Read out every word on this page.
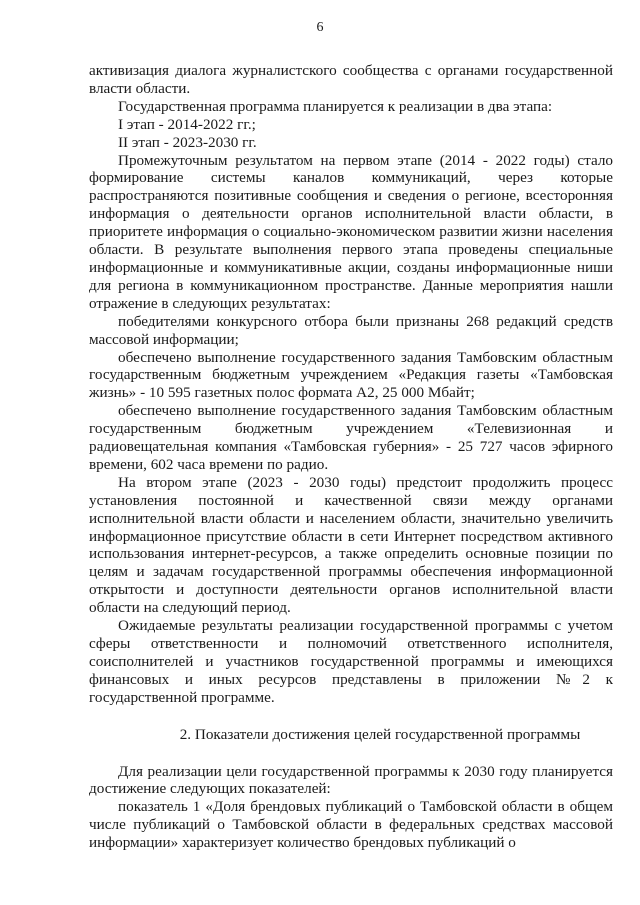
6

активизация диалога журналистского сообщества с органами государственной власти области.

Государственная программа планируется к реализации в два этапа:

I этап - 2014-2022 гг.;

II этап - 2023-2030 гг.

Промежуточным результатом на первом этапе (2014 - 2022 годы) стало формирование системы каналов коммуникаций, через которые распространяются позитивные сообщения и сведения о регионе, всесторонняя информация о деятельности органов исполнительной власти области, в приоритете информация о социально-экономическом развитии жизни населения области. В результате выполнения первого этапа проведены специальные информационные и коммуникативные акции, созданы информационные ниши для региона в коммуникационном пространстве. Данные мероприятия нашли отражение в следующих результатах:

победителями конкурсного отбора были признаны 268 редакций средств массовой информации;

обеспечено выполнение государственного задания Тамбовским областным государственным бюджетным учреждением «Редакция газеты «Тамбовская жизнь» - 10 595 газетных полос формата А2, 25 000 Мбайт;

обеспечено выполнение государственного задания Тамбовским областным государственным бюджетным учреждением «Телевизионная и радиовещательная компания «Тамбовская губерния» - 25 727 часов эфирного времени, 602 часа времени по радио.

На втором этапе (2023 - 2030 годы) предстоит продолжить процесс установления постоянной и качественной связи между органами исполнительной власти области и населением области, значительно увеличить информационное присутствие области в сети Интернет посредством активного использования интернет-ресурсов, а также определить основные позиции по целям и задачам государственной программы обеспечения информационной открытости и доступности деятельности органов исполнительной власти области на следующий период.

Ожидаемые результаты реализации государственной программы с учетом сферы ответственности и полномочий ответственного исполнителя, соисполнителей и участников государственной программы и имеющихся финансовых и иных ресурсов представлены в приложении №2 к государственной программе.

2. Показатели достижения целей государственной программы

Для реализации цели государственной программы к 2030 году планируется достижение следующих показателей:

показатель 1 «Доля брендовых публикаций о Тамбовской области в общем числе публикаций о Тамбовской области в федеральных средствах массовой информации» характеризует количество брендовых публикаций о
